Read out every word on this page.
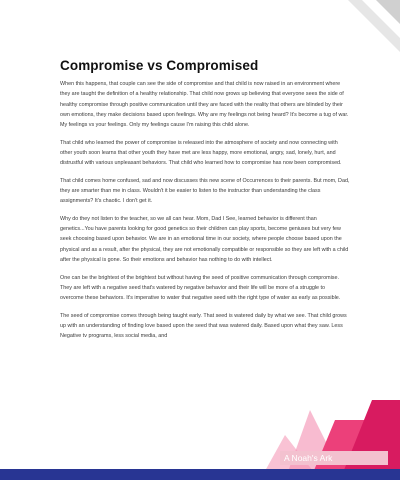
Compromise vs Compromised

When this happens, that couple can see the side of compromise and that child is now raised in an environment where they are taught the definition of a healthy relationship. That child now grows up believing that everyone sees the side of healthy compromise through positive communication until they are faced with the reality that others are blinded by their own emotions, they make decisions based upon feelings. Why are my feelings not being heard? It's become a tug of war. My feelings vs your feelings. Only my feelings cause I'm raising this child alone.

That child who learned the power of compromise is released into the atmosphere of society and now connecting with other youth soon learns that other youth they have met are less happy, more emotional, angry, sad, lonely, hurt, and distrustful with various unpleasant behaviors. That child who learned how to compromise has now been compromised.

That child comes home confused, sad and now discusses this new scene of Occurrences to their parents. But mom, Dad, they are smarter than me in class. Wouldn't it be easier to listen to the instructor than understanding the class assignments? It's chaotic. I don't get it.

Why do they not listen to the teacher, so we all can hear. Mom, Dad I See, learned behavior is different than genetics...You have parents looking for good genetics so their children can play sports, become geniuses but very few seek choosing based upon behavior. We are in an emotional time in our society, where people choose based upon the physical and as a result, after the physical, they are not emotionally compatible or responsible so they are left with a child after the physical is gone. So their emotions and behavior has nothing to do with intellect.

One can be the brightest of the brightest but without having the seed of positive communication through compromise. They are left with a negative seed that's watered by negative behavior and their life will be more of a struggle to overcome these behaviors. It's imperative to water that negative seed with the right type of water as early as possible.

The seed of compromise comes through being taught early. That seed is watered daily by what we see. That child grows up with an understanding of finding love based upon the seed that was watered daily. Based upon what they saw. Less Negative tv programs, less social media, and

A Noah's Ark
